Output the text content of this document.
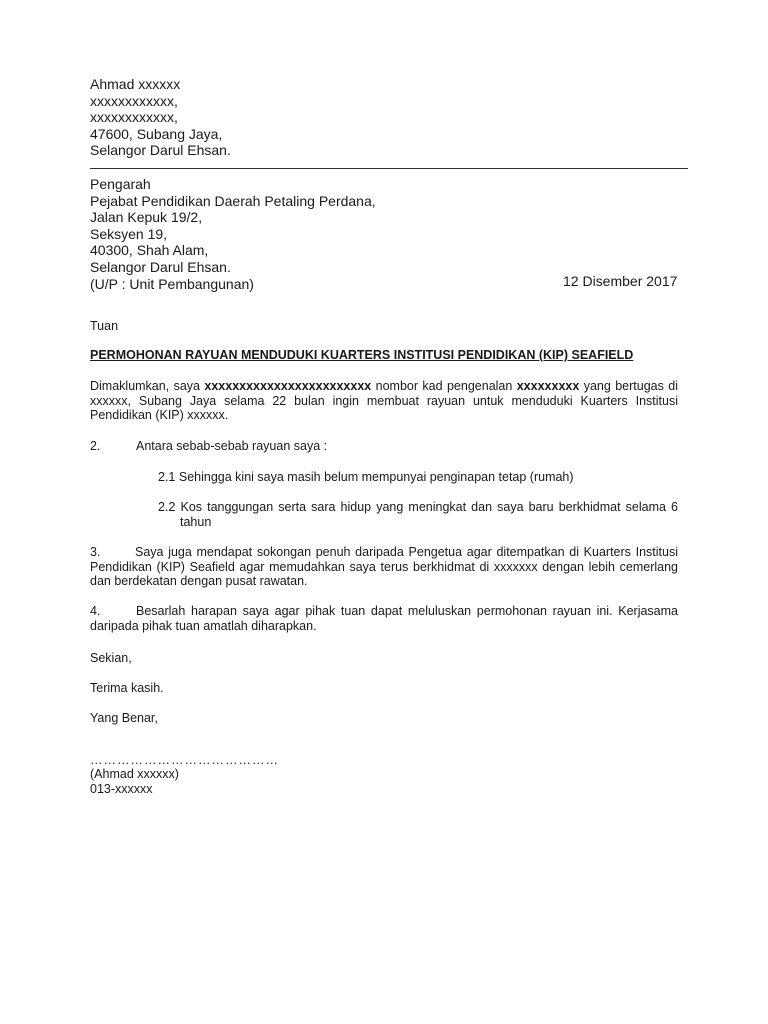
Ahmad xxxxxx
xxxxxxxxxxxx,
xxxxxxxxxxxx,
47600, Subang Jaya,
Selangor Darul Ehsan.
Pengarah
Pejabat Pendidikan Daerah Petaling Perdana,
Jalan Kepuk 19/2,
Seksyen 19,
40300, Shah Alam,
Selangor Darul Ehsan.
(U/P : Unit Pembangunan)	12 Disember 2017
Tuan
PERMOHONAN RAYUAN MENDUDUKI KUARTERS INSTITUSI PENDIDIKAN (KIP) SEAFIELD
Dimaklumkan, saya xxxxxxxxxxxxxxxxxxxxxxxx nombor kad pengenalan xxxxxxxxx yang bertugas di xxxxxx, Subang Jaya selama 22 bulan ingin membuat rayuan untuk menduduki Kuarters Institusi Pendidikan (KIP) xxxxxx.
2.	Antara sebab-sebab rayuan saya :
2.1 Sehingga kini saya masih belum mempunyai penginapan tetap (rumah)
2.2 Kos tanggungan serta sara hidup yang meningkat dan saya baru berkhidmat selama 6 tahun
3.	Saya juga mendapat sokongan penuh daripada Pengetua agar ditempatkan di Kuarters Institusi Pendidikan (KIP) Seafield agar memudahkan saya terus berkhidmat di xxxxxxx dengan lebih cemerlang dan berdekatan dengan pusat rawatan.
4.	Besarlah harapan saya agar pihak tuan dapat meluluskan permohonan rayuan ini. Kerjasama daripada pihak tuan amatlah diharapkan.
Sekian,
Terima kasih.
Yang Benar,
……………………………………
(Ahmad xxxxxx)
013-xxxxxx
